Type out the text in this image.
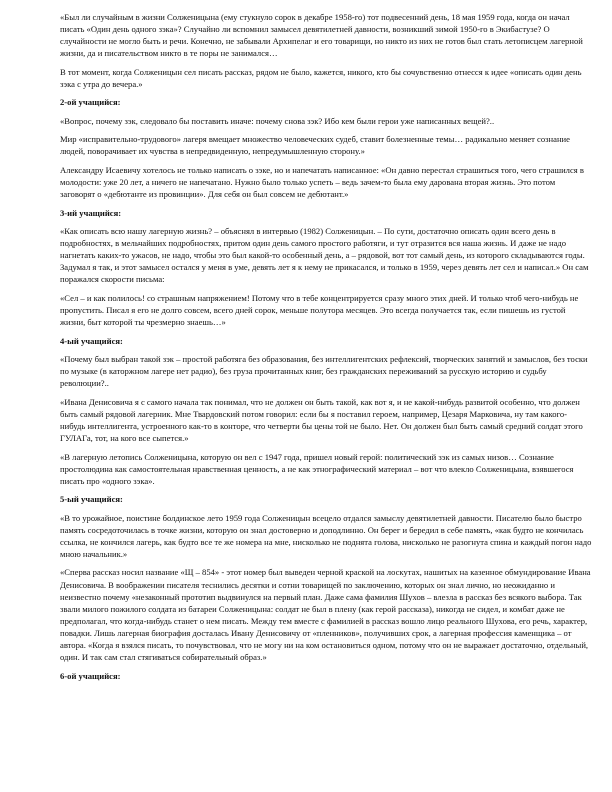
«Был ли случайным в жизни Солженицына (ему стукнуло сорок в декабре 1958-го) тот подвесенний день, 18 мая 1959 года, когда он начал писать «Один день одного зэка»? Случайно ли вспомнил замысел девятилетней давности, возникший зимой 1950-го в Экибастузе? О случайности не могло быть и речи. Конечно, не забывали Архипелаг и его товарищи, но никто из них не готов был стать летописцем лагерной жизни, да и писательством никто в те поры не занимался…

В тот момент, когда Солженицын сел писать рассказ, рядом не было, кажется, никого, кто бы сочувственно отнесся к идее «описать один день зэка с утра до вечера.»

2-ой учащийся:

«Вопрос, почему зэк, следовало бы поставить иначе: почему снова зэк? Ибо кем были герои уже написанных вещей?..

Мир «исправительно-трудового» лагеря вмещает множество человеческих судеб, ставит болезненные темы… радикально меняет сознание людей, поворачивает их чувства в непредвиденную, непредумышленную сторону.»

Александру Исаевичу хотелось не только написать о зэке, но и напечатать написанное: «Он давно перестал страшиться того, чего страшился в молодости: уже 20 лет, а ничего не напечатано. Нужно было только успеть – ведь зачем-то была ему дарована вторая жизнь. Это потом заговорят о «дебютанте из провинции». Для себя он был совсем не дебютант.»

3-ий учащийся:

«Как описать всю нашу лагерную жизнь? – объяснял в интервью (1982) Солженицын. – По сути, достаточно описать один всего день в подробностях, в мельчайших подробностях, притом один день самого простого работяги, и тут отразится вся наша жизнь. И даже не надо нагнетать каких-то ужасов, не надо, чтобы это был какой-то особенный день, а – рядовой, вот тот самый день, из которого складываются годы. Задумал я так, и этот замысел остался у меня в уме, девять лет я к нему не прикасался, и только в 1959, через девять лет сел и написал.» Он сам поражался скорости письма:

«Сел – и как полилось! со страшным напряжением! Потому что в тебе концентрируется сразу много этих дней. И только чтоб чего-нибудь не пропустить. Писал я его не долго совсем, всего дней сорок, меньше полутора месяцев. Это всегда получается так, если пишешь из густой жизни, быт которой ты чрезмерно знаешь…»

4-ый учащийся:

«Почему был выбран такой зэк – простой работяга без образования, без интеллигентских рефлексий, творческих занятий и замыслов, без тоски по музыке (в каторжном лагере нет радио), без груза прочитанных книг, без гражданских переживаний за русскую историю и судьбу революции?..

«Ивана Денисовича я с самого начала так понимал, что не должен он быть такой, как вот я, и не какой-нибудь развитой особенно, что должен быть самый рядовой лагерник. Мне Твардовский потом говорил: если бы я поставил героем, например, Цезаря Марковича, ну там какого-нибудь интеллигента, устроенного как-то в конторе, что четверти бы цены той не было. Нет. Он должен был быть самый средний солдат этого ГУЛАГа, тот, на кого все сыпется.»

«В лагерную летопись Солженицына, которую он вел с 1947 года, пришел новый герой: политический зэк из самых низов… Сознание простолюдина как самостоятельная нравственная ценность, а не как этнографический материал – вот что влекло Солженицына, взявшегося писать про «одного зэка».

5-ый учащийся:

«В то урожайное, поистине болдинское лето 1959 года Солженицын всецело отдался замыслу девятилетней давности. Писателю было быстро память сосредоточилась в точке жизни, которую он знал достоверно и доподлинно. Он берег и бередил в себе память, «как будто не кончилась ссылка, не кончился лагерь, как будто все те же номера на мне, нисколько не поднята голова, нисколько не разогнута спина и каждый погон надо мною начальник.»

«Сперва рассказ носил название «Щ – 854» - этот номер был выведен черной краской на лоскутах, нашитых на казенное обмундирование Ивана Денисовича. В воображении писателя теснились десятки и сотни товарищей по заключению, которых он знал лично, но неожиданно и неизвестно почему «незаконный прототип выдвинулся на первый план. Даже сама фамилия Шухов – влезла в рассказ без всякого выбора. Так звали милого пожилого солдата из батареи Солженицына: солдат не был в плену (как герой рассказа), никогда не сидел, и комбат даже не предполагал, что когда-нибудь станет о нем писать. Между тем вместе с фамилией в рассказ вошло лицо реального Шухова, его речь, характер, повадки. Лишь лагерная биография досталась Ивану Денисовичу от «пленников», получивших срок, а лагерная профессия каменщика – от автора. «Когда я взялся писать, то почувствовал, что не могу ни на ком остановиться одном, потому что он не выражает достаточно, отдельный, один. И так сам стал стягиваться собирательный образ.»

6-ой учащийся:
